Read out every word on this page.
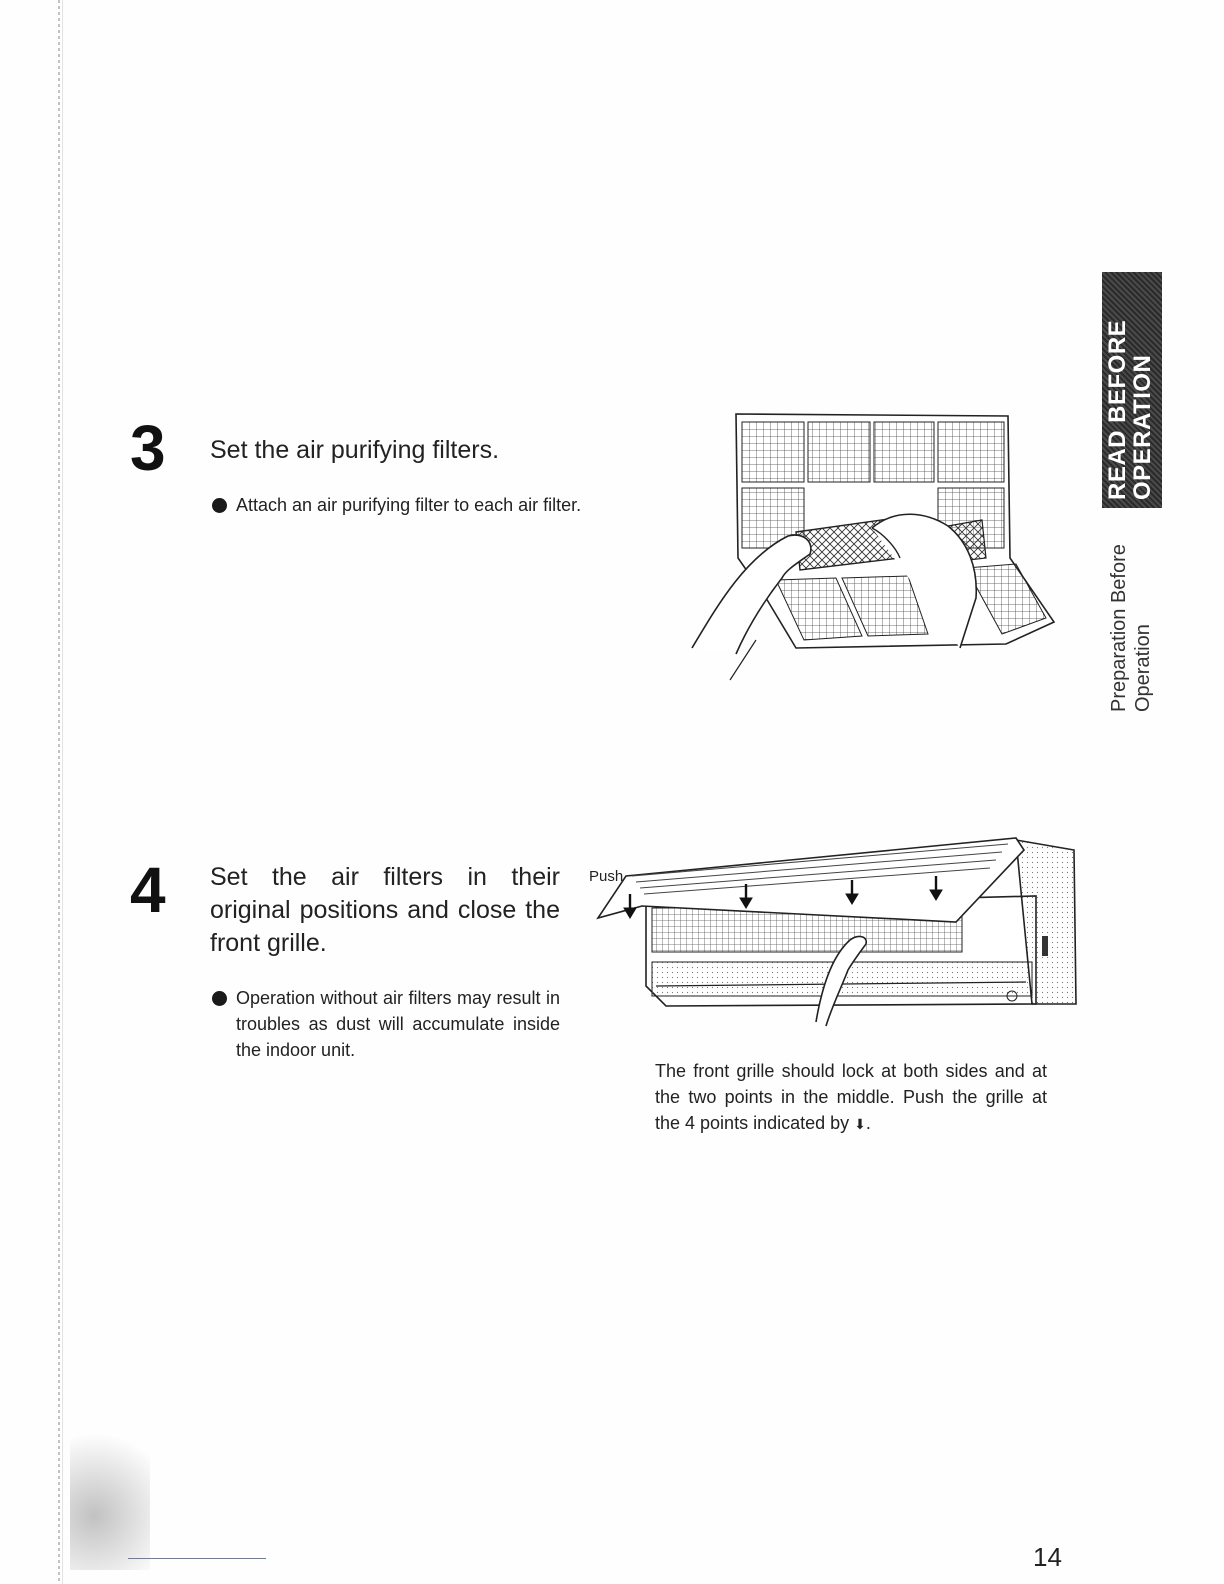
3 Set the air purifying filters.
Attach an air purifying filter to each air filter.
READ BEFORE
OPERATION
Preparation Before Operation
4 Set the air filters in their original positions and close the front grille.
Operation without air filters may result in troubles as dust will accumulate inside the indoor unit.
Push
The front grille should lock at both sides and at the two points in the middle. Push the grille at the 4 points indicated by ⬇.
14
